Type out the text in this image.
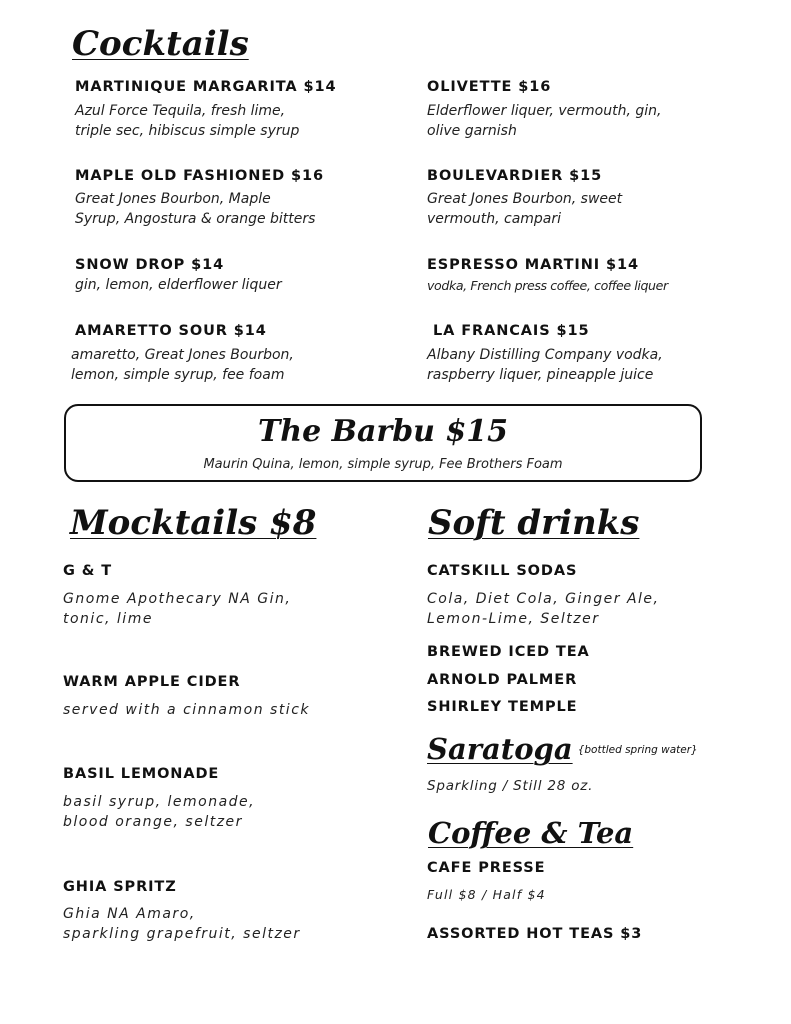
Cocktails
MARTINIQUE MARGARITA $14
Azul Force Tequila, fresh lime,
triple sec, hibiscus simple syrup
OLIVETTE $16
Elderflower liquer, vermouth, gin,
olive garnish
MAPLE OLD FASHIONED $16
Great Jones Bourbon, Maple
Syrup, Angostura & orange bitters
BOULEVARDIER $15
Great Jones Bourbon, sweet
vermouth, campari
SNOW DROP $14
gin, lemon, elderflower liquer
ESPRESSO MARTINI $14
vodka, French press coffee, coffee liquer
AMARETTO SOUR $14
amaretto, Great Jones Bourbon,
lemon, simple syrup, fee foam
LA FRANCAIS $15
Albany Distilling Company vodka,
raspberry liquer, pineapple juice
The Barbu $15
Maurin Quina, lemon, simple syrup, Fee Brothers Foam
Mocktails $8
G & T
Gnome Apothecary NA Gin,
tonic, lime
WARM APPLE CIDER
served with a cinnamon stick
BASIL LEMONADE
basil syrup, lemonade,
blood orange, seltzer
GHIA SPRITZ
Ghia NA Amaro,
sparkling grapefruit, seltzer
Soft drinks
CATSKILL SODAS
Cola, Diet Cola, Ginger Ale,
Lemon-Lime, Seltzer
BREWED ICED TEA
ARNOLD PALMER
SHIRLEY TEMPLE
Saratoga $^{\{bottled spring water\}}$
Sparkling / Still 28 oz.
Coffee & Tea
CAFE PRESSE
Full $8 / Half $4
ASSORTED HOT TEAS $3
